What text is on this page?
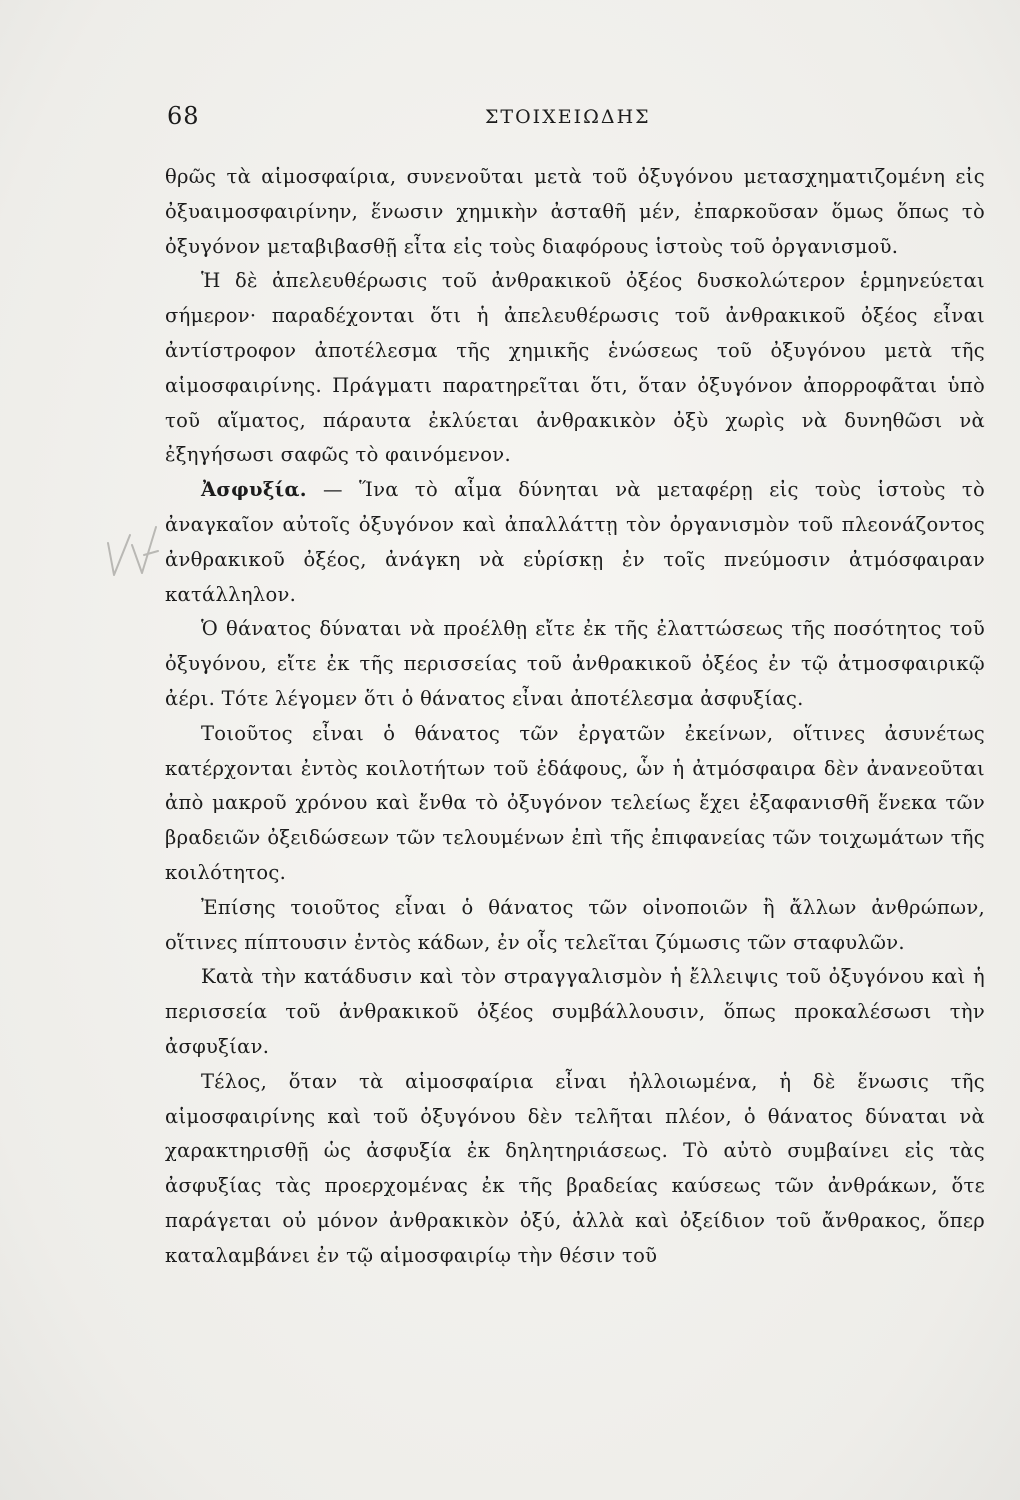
68	ΣΤΟΙΧΕΙΩΔΗΣ

θρῶς τὰ αἱμοσφαίρια, συνενοῦται μετὰ τοῦ ὀξυγόνου μετασχηματιζομένη εἰς ὀξυαιμοσφαιρίνην, ἕνωσιν χημικὴν ἀσταθῆ μέν, ἐπαρκοῦσαν ὅμως ὅπως τὸ ὀξυγόνον μεταβιβασθῇ εἶτα εἰς τοὺς διαφόρους ἱστοὺς τοῦ ὀργανισμοῦ.

Ἡ δὲ ἀπελευθέρωσις τοῦ ἀνθρακικοῦ ὀξέος δυσκολώτερον ἑρμηνεύεται σήμερον· παραδέχονται ὅτι ἡ ἀπελευθέρωσις τοῦ ἀνθρακικοῦ ὀξέος εἶναι ἀντίστροφον ἀποτέλεσμα τῆς χημικῆς ἑνώσεως τοῦ ὀξυγόνου μετὰ τῆς αἱμοσφαιρίνης. Πράγματι παρατηρεῖται ὅτι, ὅταν ὀξυγόνον ἀπορροφᾶται ὑπὸ τοῦ αἵματος, πάραυτα ἐκλύεται ἀνθρακικὸν ὀξὺ χωρὶς νὰ δυνηθῶσι νὰ ἐξηγήσωσι σαφῶς τὸ φαινόμενον.

Ἀσφυξία. — Ἵνα τὸ αἷμα δύνηται νὰ μεταφέρῃ εἰς τοὺς ἱστοὺς τὸ ἀναγκαῖον αὐτοῖς ὀξυγόνον καὶ ἀπαλλάττῃ τὸν ὀργανισμὸν τοῦ πλεονάζοντος ἀνθρακικοῦ ὀξέος, ἀνάγκη νὰ εὑρίσκῃ ἐν τοῖς πνεύμοσιν ἀτμόσφαιραν κατάλληλον.

Ὁ θάνατος δύναται νὰ προέλθῃ εἴτε ἐκ τῆς ἐλαττώσεως τῆς ποσότητος τοῦ ὀξυγόνου, εἴτε ἐκ τῆς περισσείας τοῦ ἀνθρακικοῦ ὀξέος ἐν τῷ ἀτμοσφαιρικῷ ἀέρι. Τότε λέγομεν ὅτι ὁ θάνατος εἶναι ἀποτέλεσμα ἀσφυξίας.

Τοιοῦτος εἶναι ὁ θάνατος τῶν ἐργατῶν ἐκείνων, οἵτινες ἀσυνέτως κατέρχονται ἐντὸς κοιλοτήτων τοῦ ἐδάφους, ὧν ἡ ἀτμόσφαιρα δὲν ἀνανεοῦται ἀπὸ μακροῦ χρόνου καὶ ἔνθα τὸ ὀξυγόνον τελείως ἔχει ἐξαφανισθῆ ἕνεκα τῶν βραδειῶν ὀξειδώσεων τῶν τελουμένων ἐπὶ τῆς ἐπιφανείας τῶν τοιχωμάτων τῆς κοιλότητος.

Ἐπίσης τοιοῦτος εἶναι ὁ θάνατος τῶν οἰνοποιῶν ἢ ἄλλων ἀνθρώπων, οἵτινες πίπτουσιν ἐντὸς κάδων, ἐν οἷς τελεῖται ζύμωσις τῶν σταφυλῶν.

Κατὰ τὴν κατάδυσιν καὶ τὸν στραγγαλισμὸν ἡ ἔλλειψις τοῦ ὀξυγόνου καὶ ἡ περισσεία τοῦ ἀνθρακικοῦ ὀξέος συμβάλλουσιν, ὅπως προκαλέσωσι τὴν ἀσφυξίαν.

Τέλος, ὅταν τὰ αἱμοσφαίρια εἶναι ἠλλοιωμένα, ἡ δὲ ἕνωσις τῆς αἱμοσφαιρίνης καὶ τοῦ ὀξυγόνου δὲν τελῆται πλέον, ὁ θάνατος δύναται νὰ χαρακτηρισθῇ ὡς ἀσφυξία ἐκ δηλητηριάσεως. Τὸ αὐτὸ συμβαίνει εἰς τὰς ἀσφυξίας τὰς προερχομένας ἐκ τῆς βραδείας καύσεως τῶν ἀνθράκων, ὅτε παράγεται οὐ μόνον ἀνθρακικὸν ὀξύ, ἀλλὰ καὶ ὀξείδιον τοῦ ἄνθρακος, ὅπερ καταλαμβάνει ἐν τῷ αἱμοσφαιρίῳ τὴν θέσιν τοῦ
